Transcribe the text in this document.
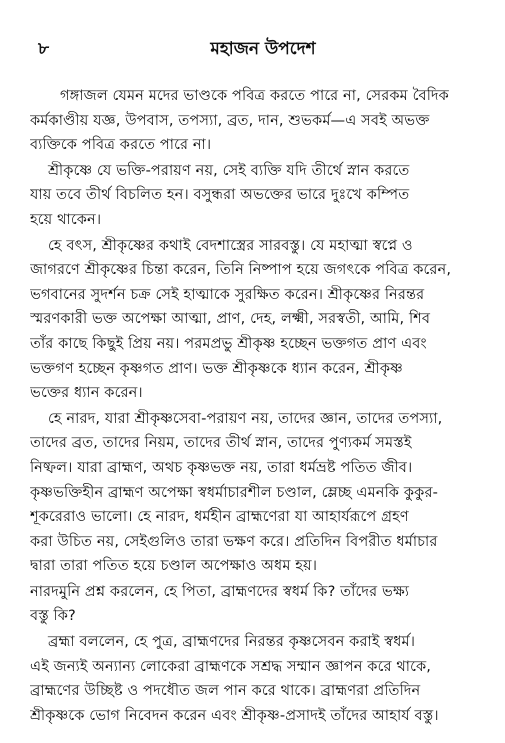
৮	মহাজন উপদেশ

গঙ্গাজল যেমন মদের ভাণ্ডকে পবিত্র করতে পারে না, সেরকম বৈদিক
কর্মকাণ্ডীয় যজ্ঞ, উপবাস, তপস্যা, ব্রত, দান, শুভকর্ম—এ সবই অভক্ত
ব্যক্তিকে পবিত্র করতে পারে না।

শ্রীকৃষ্ণে যে ভক্তি-পরায়ণ নয়, সেই ব্যক্তি যদি তীর্থে স্নান করতে
যায় তবে তীর্থ বিচলিত হন। বসুন্ধরা অভক্তের ভারে দুঃখে কম্পিত
হয়ে থাকেন।

হে বৎস, শ্রীকৃষ্ণের কথাই বেদশাস্ত্রের সারবস্তু। যে মহাত্মা স্বপ্নে ও
জাগরণে শ্রীকৃষ্ণের চিন্তা করেন, তিনি নিষ্পাপ হয়ে জগৎকে পবিত্র করেন,
ভগবানের সুদর্শন চক্র সেই হাত্মাকে সুরক্ষিত করেন। শ্রীকৃষ্ণের নিরন্তর
স্মরণকারী ভক্ত অপেক্ষা আত্মা, প্রাণ, দেহ, লক্ষ্মী, সরস্বতী, আমি, শিব
তাঁর কাছে কিছুই প্রিয় নয়। পরমপ্রভু শ্রীকৃষ্ণ হচ্ছেন ভক্তগত প্রাণ এবং
ভক্তগণ হচ্ছেন কৃষ্ণগত প্রাণ। ভক্ত শ্রীকৃষ্ণকে ধ্যান করেন, শ্রীকৃষ্ণ
ভক্তের ধ্যান করেন।

হে নারদ, যারা শ্রীকৃষ্ণসেবা-পরায়ণ নয়, তাদের জ্ঞান, তাদের তপস্যা,
তাদের ব্রত, তাদের নিয়ম, তাদের তীর্থ স্নান, তাদের পুণ্যকর্ম সমস্তই
নিষ্ফল। যারা ব্রাহ্মণ, অথচ কৃষ্ণভক্ত নয়, তারা ধর্মভ্রষ্ট পতিত জীব।
কৃষ্ণভক্তিহীন ব্রাহ্মণ অপেক্ষা স্বধর্মাচারশীল চণ্ডাল, ম্লেচ্ছ এমনকি কুকুর-
শূকরেরাও ভালো। হে নারদ, ধর্মহীন ব্রাহ্মণেরা যা আহার্যরূপে গ্রহণ
করা উচিত নয়, সেইগুলিও তারা ভক্ষণ করে। প্রতিদিন বিপরীত ধর্মাচার
দ্বারা তারা পতিত হয়ে চণ্ডাল অপেক্ষাও অধম হয়।

নারদমুনি প্রশ্ন করলেন, হে পিতা, ব্রাহ্মণদের স্বধর্ম কি? তাঁদের ভক্ষ্য
বস্তু কি?

ব্রহ্মা বললেন, হে পুত্র, ব্রাহ্মণদের নিরন্তর কৃষ্ণসেবন করাই স্বধর্ম।
এই জন্যই অন্যান্য লোকেরা ব্রাহ্মণকে সশ্রদ্ধ সম্মান জ্ঞাপন করে থাকে,
ব্রাহ্মণের উচ্ছিষ্ট ও পদধৌত জল পান করে থাকে। ব্রাহ্মণরা প্রতিদিন
শ্রীকৃষ্ণকে ভোগ নিবেদন করেন এবং শ্রীকৃষ্ণ-প্রসাদই তাঁদের আহার্য বস্তু।
